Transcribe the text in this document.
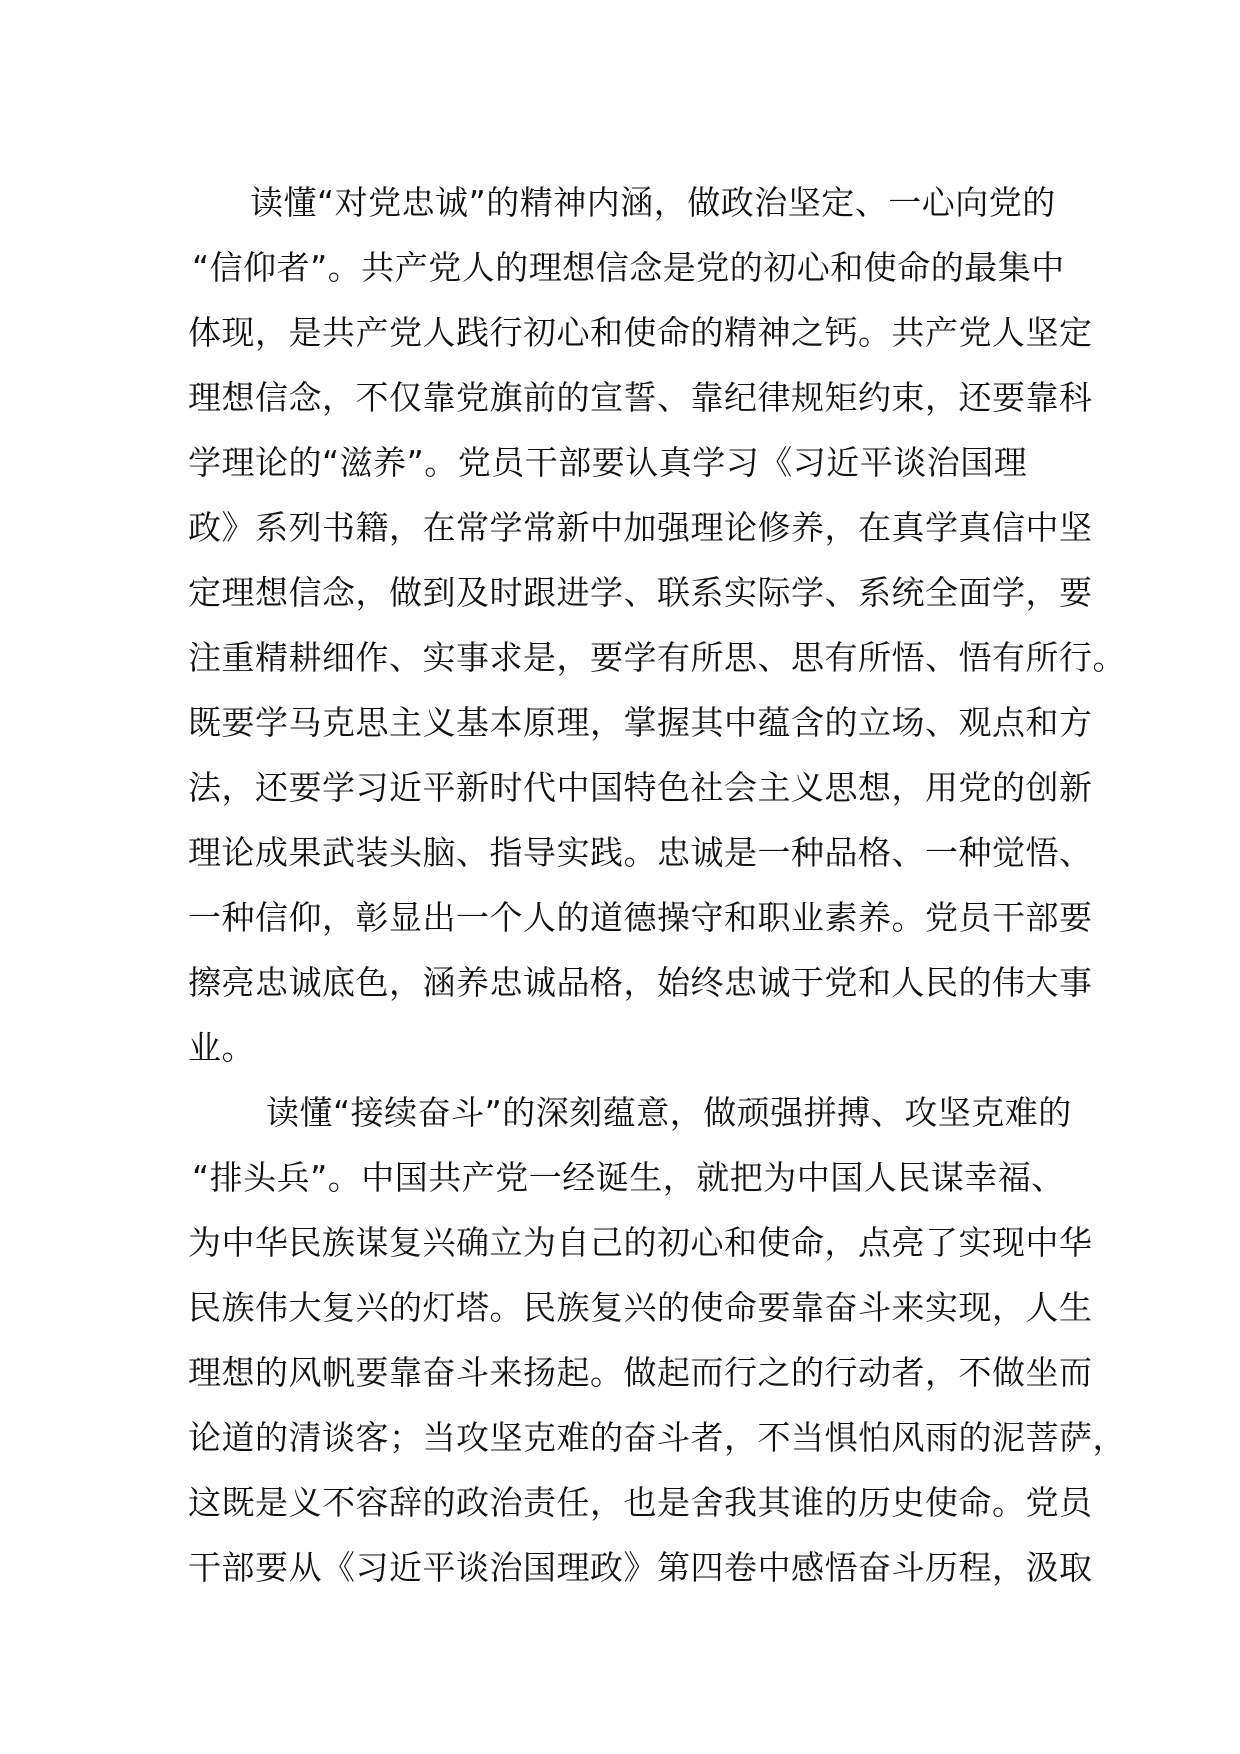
读懂“对党忠诚”的精神内涵，做政治坚定、一心向党的
“信仰者”。共产党人的理想信念是党的初心和使命的最集中
体现，是共产党人践行初心和使命的精神之钙。共产党人坚定
理想信念，不仅靠党旗前的宣誓、靠纪律规矩约束，还要靠科
学理论的“滋养”。党员干部要认真学习《习近平谈治国理
政》系列书籍，在常学常新中加强理论修养，在真学真信中坚
定理想信念，做到及时跟进学、联系实际学、系统全面学，要
注重精耕细作、实事求是，要学有所思、思有所悟、悟有所行。
既要学马克思主义基本原理，掌握其中蕴含的立场、观点和方
法，还要学习近平新时代中国特色社会主义思想，用党的创新
理论成果武装头脑、指导实践。忠诚是一种品格、一种觉悟、
一种信仰，彰显出一个人的道德操守和职业素养。党员干部要
擦亮忠诚底色，涵养忠诚品格，始终忠诚于党和人民的伟大事
业。
读懂“接续奋斗”的深刻蕴意，做顽强拼搏、攻坚克难的
“排头兵”。中国共产党一经诞生，就把为中国人民谋幸福、
为中华民族谋复兴确立为自己的初心和使命，点亮了实现中华
民族伟大复兴的灯塔。民族复兴的使命要靠奋斗来实现，人生
理想的风帆要靠奋斗来扬起。做起而行之的行动者，不做坐而
论道的清谈客；当攻坚克难的奋斗者，不当惧怕风雨的泥菩萨，
这既是义不容辞的政治责任，也是舍我其谁的历史使命。党员
干部要从《习近平谈治国理政》第四卷中感悟奋斗历程，汲取
